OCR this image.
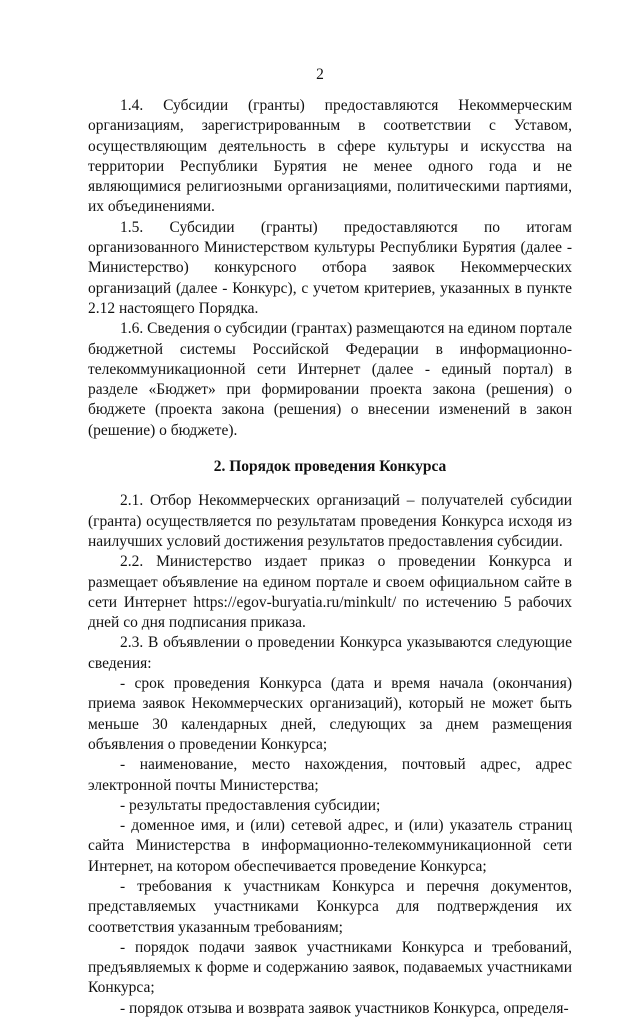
2

1.4. Субсидии (гранты) предоставляются Некоммерческим организациям, зарегистрированным в соответствии с Уставом, осуществляющим деятельность в сфере культуры и искусства на территории Республики Бурятия не менее одного года и не являющимися религиозными организациями, политическими партиями, их объединениями.

1.5. Субсидии (гранты) предоставляются по итогам организованного Министерством культуры Республики Бурятия (далее - Министерство) конкурсного отбора заявок Некоммерческих организаций (далее - Конкурс), с учетом критериев, указанных в пункте 2.12 настоящего Порядка.

1.6. Сведения о субсидии (грантах) размещаются на едином портале бюджетной системы Российской Федерации в информационно-телекоммуникационной сети Интернет (далее - единый портал) в разделе «Бюджет» при формировании проекта закона (решения) о бюджете (проекта закона (решения) о внесении изменений в закон (решение) о бюджете).

2. Порядок проведения Конкурса

2.1. Отбор Некоммерческих организаций – получателей субсидии (гранта) осуществляется по результатам проведения Конкурса исходя из наилучших условий достижения результатов предоставления субсидии.

2.2. Министерство издает приказ о проведении Конкурса и размещает объявление на едином портале и своем официальном сайте в сети Интернет https://egov-buryatia.ru/minkult/ по истечению 5 рабочих дней со дня подписания приказа.

2.3. В объявлении о проведении Конкурса указываются следующие сведения:

- срок проведения Конкурса (дата и время начала (окончания) приема заявок Некоммерческих организаций), который не может быть меньше 30 календарных дней, следующих за днем размещения объявления о проведении Конкурса;

- наименование, место нахождения, почтовый адрес, адрес электронной почты Министерства;

- результаты предоставления субсидии;

- доменное имя, и (или) сетевой адрес, и (или) указатель страниц сайта Министерства в информационно-телекоммуникационной сети Интернет, на котором обеспечивается проведение Конкурса;

- требования к участникам Конкурса и перечня документов, представляемых участниками Конкурса для подтверждения их соответствия указанным требованиям;

- порядок подачи заявок участниками Конкурса и требований, предъявляемых к форме и содержанию заявок, подаваемых участниками Конкурса;

- порядок отзыва и возврата заявок участников Конкурса, определя-
